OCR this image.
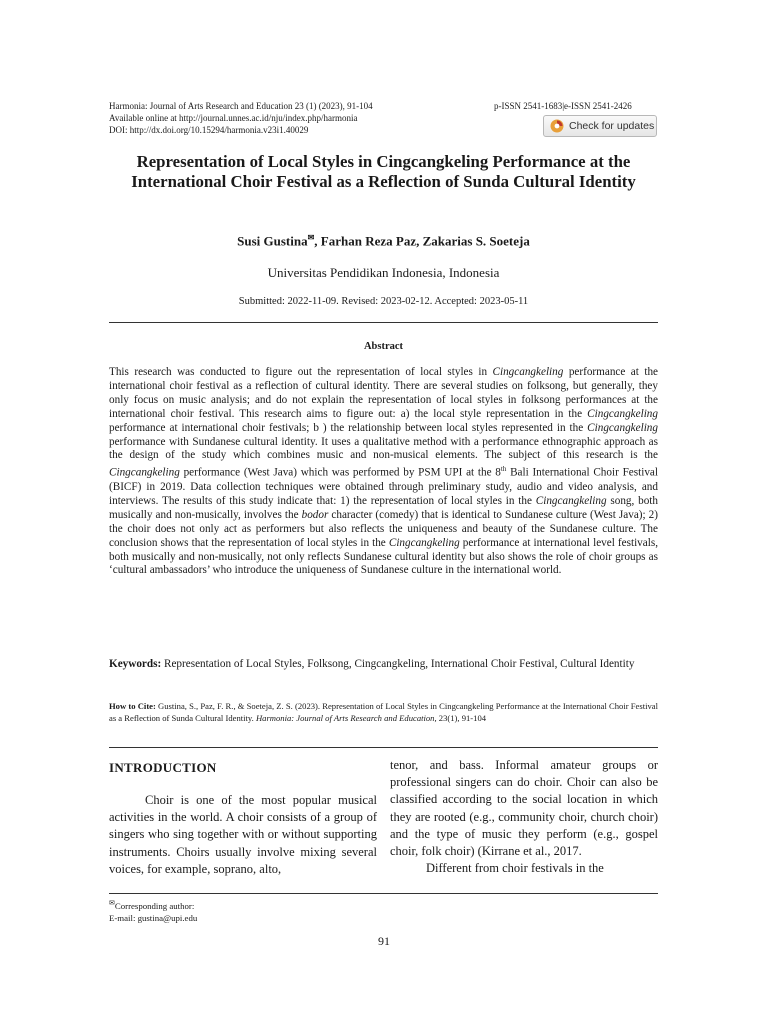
Harmonia: Journal of Arts Research and Education 23 (1) (2023), 91-104
Available online at http://journal.unnes.ac.id/nju/index.php/harmonia
DOI: http://dx.doi.org/10.15294/harmonia.v23i1.40029
p-ISSN 2541-1683|e-ISSN 2541-2426
Check for updates
Representation of Local Styles in Cingcangkeling Performance at the International Choir Festival as a Reflection of Sunda Cultural Identity
Susi Gustina✉, Farhan Reza Paz, Zakarias S. Soeteja
Universitas Pendidikan Indonesia, Indonesia
Submitted: 2022-11-09. Revised: 2023-02-12. Accepted: 2023-05-11
Abstract

This research was conducted to figure out the representation of local styles in Cingcangkeling performance at the international choir festival as a reflection of cultural identity. There are several studies on folksong, but generally, they only focus on music analysis; and do not explain the representation of local styles in folksong performances at the international choir festival. This research aims to figure out: a) the local style representation in the Cingcangkeling performance at international choir festivals; b ) the relationship between local styles represented in the Cingcangkeling performance with Sundanese cultural identity. It uses a qualitative method with a performance ethnographic approach as the design of the study which combines music and non-musical elements. The subject of this research is the Cingcangkeling performance (West Java) which was performed by PSM UPI at the 8th Bali International Choir Festival (BICF) in 2019. Data collection techniques were obtained through preliminary study, audio and video analysis, and interviews. The results of this study indicate that: 1) the representation of local styles in the Cingcangkeling song, both musically and non-musically, involves the bodor character (comedy) that is identical to Sundanese culture (West Java); 2) the choir does not only act as performers but also reflects the uniqueness and beauty of the Sundanese culture. The conclusion shows that the representation of local styles in the Cingcangkeling performance at international level festivals, both musically and non-musically, not only reflects Sundanese cultural identity but also shows the role of choir groups as ‘cultural ambassadors’ who introduce the uniqueness of Sundanese culture in the international world.

Keywords: Representation of Local Styles, Folksong, Cingcangkeling, International Choir Festival, Cultural Identity

How to Cite: Gustina, S., Paz, F. R., & Soeteja, Z. S. (2023). Representation of Local Styles in Cingcangkeling Performance at the International Choir Festival as a Reflection of Sunda Cultural Identity. Harmonia: Journal of Arts Research and Education, 23(1), 91-104

INTRODUCTION

Choir is one of the most popular musical activities in the world. A choir consists of a group of singers who sing together with or without supporting instruments. Choirs usually involve mixing several voices, for example, soprano, alto,

tenor, and bass. Informal amateur groups or professional singers can do choir. Choir can also be classified according to the social location in which they are rooted (e.g., community choir, church choir) and the type of music they perform (e.g., gospel choir, folk choir) (Kirrane et al., 2017.
Different from choir festivals in the

✉Corresponding author:
E-mail: gustina@upi.edu
91
